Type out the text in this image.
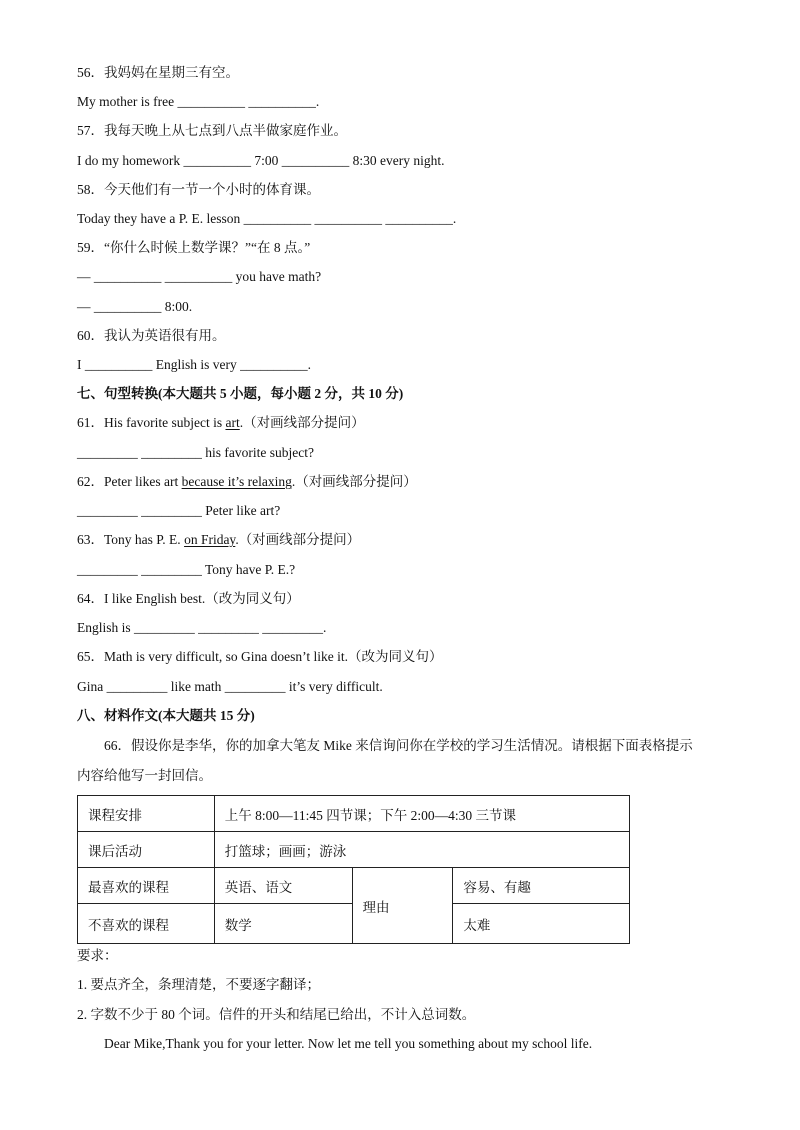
56．我妈妈在星期三有空。
My mother is free __________ __________.
57．我每天晚上从七点到八点半做家庭作业。
I do my homework __________ 7:00 __________ 8:30 every night.
58．今天他们有一节一个小时的体育课。
Today they have a P. E. lesson __________ __________ __________.
59．“你什么时候上数学课？”“在 8 点。”
— __________ __________ you have math?
— __________ 8:00.
60．我认为英语很有用。
I __________ English is very __________.
七、句型转换(本大题共 5 小题，每小题 2 分，共 10 分)
61．His favorite subject is art.（对画线部分提问）
_________ _________ his favorite subject?
62．Peter likes art because it’s relaxing.（对画线部分提问）
_________ _________ Peter like art?
63．Tony has P. E. on Friday.（对画线部分提问）
_________ _________ Tony have P. E.?
64．I like English best.（改为同义句）
English is _________ _________ _________.
65．Math is very difficult, so Gina doesn’t like it.（改为同义句）
Gina _________ like math _________ it’s very difficult.
八、材料作文(本大题共 15 分)
66．假设你是李华，你的加拿大笔友 Mike 来信询问你在学校的学习生活情况。请根据下面表格提示
内容给他写一封回信。
课程安排	上午 8:00—11:45 四节课；下午 2:00—4:30 三节课		
课后活动	打篮球；画画；游泳		
最喜欢的课程	英语、语文	理由	容易、有趣
不喜欢的课程	数学		太难
要求：
1. 要点齐全，条理清楚，不要逐字翻译；
2. 字数不少于 80 个词。信件的开头和结尾已给出，不计入总词数。
Dear Mike,Thank you for your letter. Now let me tell you something about my school life.
